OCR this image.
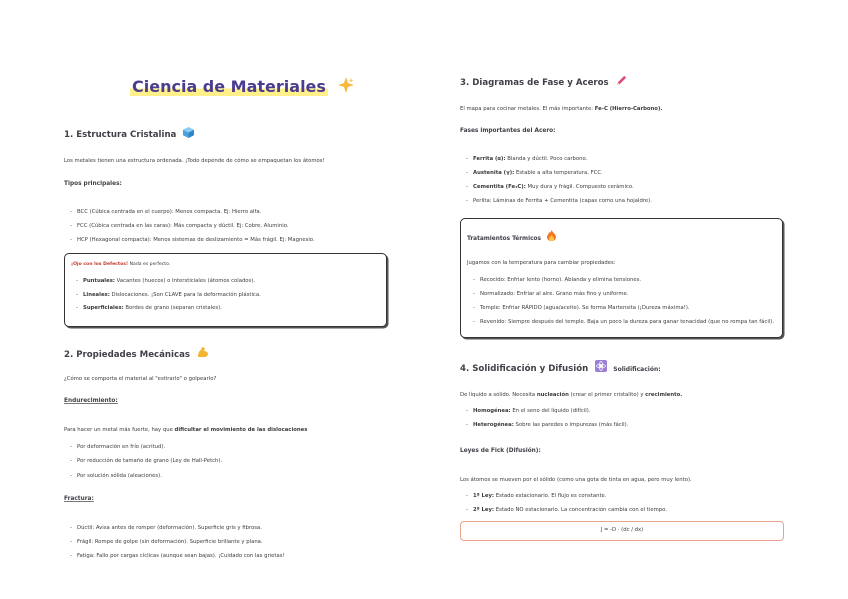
Ciencia de Materiales
1. Estructura Cristalina
Los metales tienen una estructura ordenada. ¡Todo depende de cómo se empaquetan los átomos!
Tipos principales:
- BCC (Cúbica centrada en el cuerpo): Menos compacta. Ej: Hierro alfa.
- FCC (Cúbica centrada en las caras): Más compacta y dúctil. Ej: Cobre, Aluminio.
- HCP (Hexagonal compacta): Menos sistemas de deslizamiento = Más frágil. Ej: Magnesio.
¡Ojo con los Defectos! Nada es perfecto.
- Puntuales: Vacantes (huecos) o Intersticiales (átomos colados).
- Lineales: Dislocaciones. ¡Son CLAVE para la deformación plástica.
- Superficiales: Bordes de grano (separan cristales).
2. Propiedades Mecánicas
¿Cómo se comporta el material al "estirarlo" o golpearlo?
Endurecimiento:
Para hacer un metal más fuerte, hay que dificultar el movimiento de las dislocaciones
- Por deformación en frío (acritud).
- Por reducción de tamaño de grano (Ley de Hall-Petch).
- Por solución sólida (aleaciones).
Fractura:
- Dúctil: Avisa antes de romper (deformación). Superficie gris y fibrosa.
- Frágil: Rompe de golpe (sin deformación). Superficie brillante y plana.
- Fatiga: Fallo por cargas cíclicas (aunque sean bajas). ¡Cuidado con las grietas!
3. Diagramas de Fase y Aceros
El mapa para cocinar metales. El más importante: Fe-C (Hierro-Carbono).
Fases importantes del Acero:
- Ferrita (α): Blanda y dúctil. Poco carbono.
- Austenita (γ): Estable a alta temperatura. FCC.
- Cementita (Fe₃C): Muy dura y frágil. Compuesto cerámico.
- Perlita: Láminas de Ferrita + Cementita (capas como una hojaldre).
Tratamientos Térmicos
Jugamos con la temperatura para cambiar propiedades:
- Recocido: Enfriar lento (horno). Ablanda y elimina tensiones.
- Normalizado: Enfriar al aire. Grano más fino y uniforme.
- Temple: Enfriar RÁPIDO (agua/aceite). Se forma Martensita (¡Dureza máxima!).
- Revenido: Siempre después del temple. Baja un poco la dureza para ganar tenacidad (que no rompa tan fácil).
4. Solidificación y Difusión	Solidificación:
De líquido a sólido. Necesita nucleación (crear el primer cristalito) y crecimiento.
- Homogénea: En el seno del líquido (difícil).
- Heterogénea: Sobre las paredes o impurezas (más fácil).
Leyes de Fick (Difusión):
Los átomos se mueven por el sólido (como una gota de tinta en agua, pero muy lento).
- 1ª Ley: Estado estacionario. El flujo es constante.
- 2ª Ley: Estado NO estacionario. La concentración cambia con el tiempo.
J = -D · (dc / dx)
